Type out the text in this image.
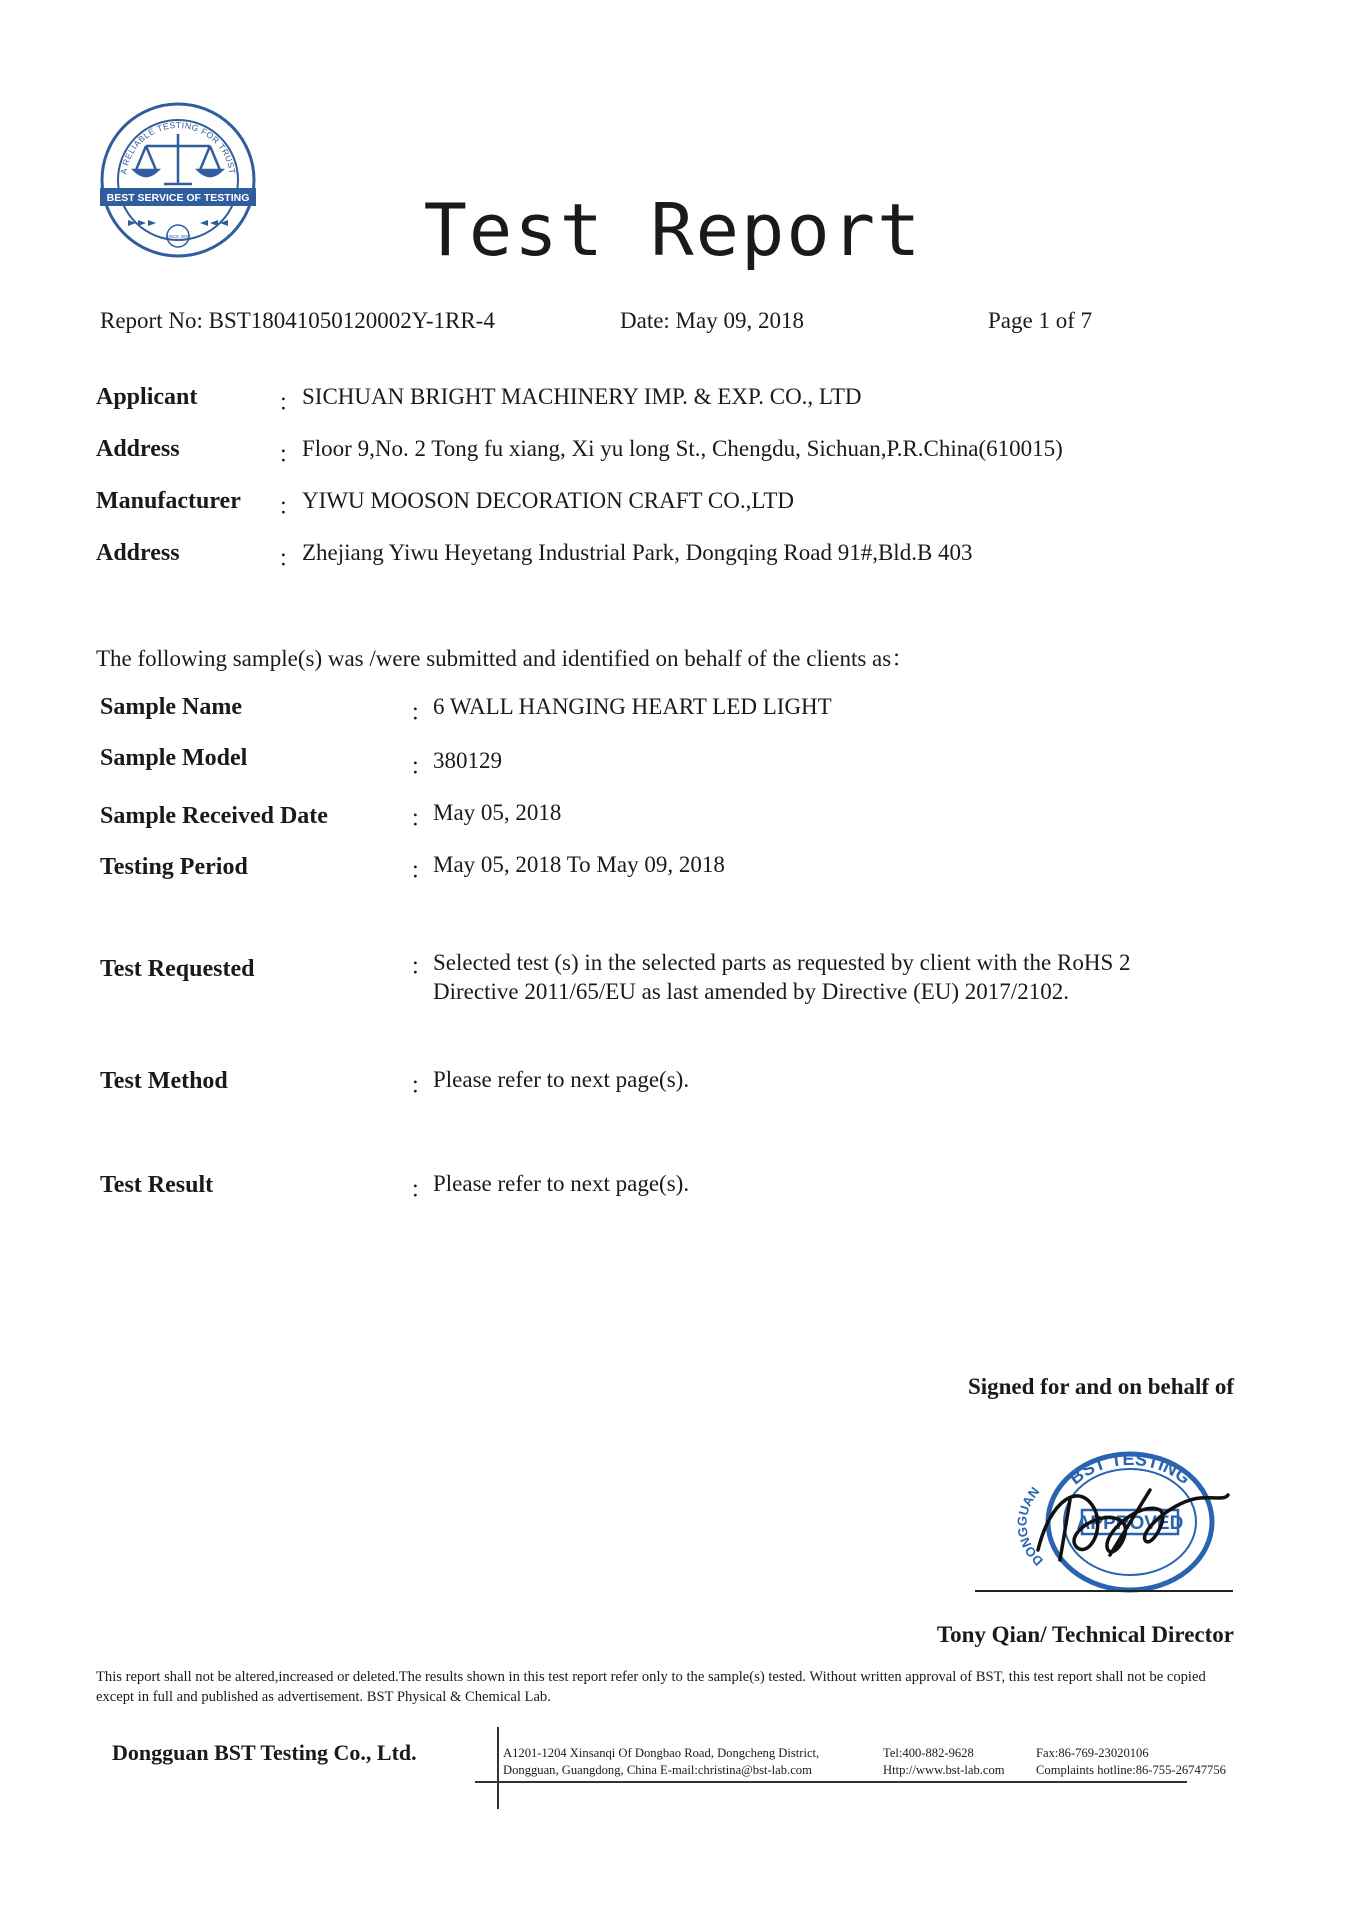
A RELIABLE TESTING FOR TRUST
BEST SERVICE OF TESTING
SINCE 2002	Test Report
Report No: BST18041050120002Y-1RR-4	Date: May 09, 2018	Page 1 of 7
Applicant	： SICHUAN BRIGHT MACHINERY IMP. & EXP. CO., LTD
Address	： Floor 9,No. 2 Tong fu xiang, Xi yu long St., Chengdu, Sichuan,P.R.China(610015)
Manufacturer ： YIWU MOOSON DECORATION CRAFT CO.,LTD
Address	： Zhejiang Yiwu Heyetang Industrial Park, Dongqing Road 91#,Bld.B 403
The following sample(s) was /were submitted and identified on behalf of the clients as：
Sample Name	： 6 WALL HANGING HEART LED LIGHT
Sample Model	： 380129
Sample Received Date	： May 05, 2018
Testing Period	： May 05, 2018 To May 09, 2018
Test Requested	： Selected test (s) in the selected parts as requested by client with the RoHS 2
Directive 2011/65/EU as last amended by Directive (EU) 2017/2102.
Test Method	： Please refer to next page(s).
Test Result	： Please refer to next page(s).
Signed for and on behalf of
BST TESTING
DONGGUAN
APPROVED
Tony Qian/ Technical Director
This report shall not be altered,increased or deleted.The results shown in this test report refer only to the sample(s) tested. Without written approval of BST, this test report shall not be copied except in full and published as advertisement. BST Physical & Chemical Lab.
Dongguan BST Testing Co., Ltd.	A1201-1204 Xinsanqi Of Dongbao Road, Dongcheng District,
Dongguan, Guangdong, China E-mail:christina@bst-lab.com
Tel:400-882-9628
Http://www.bst-lab.com
Fax:86-769-23020106
Complaints hotline:86-755-26747756
